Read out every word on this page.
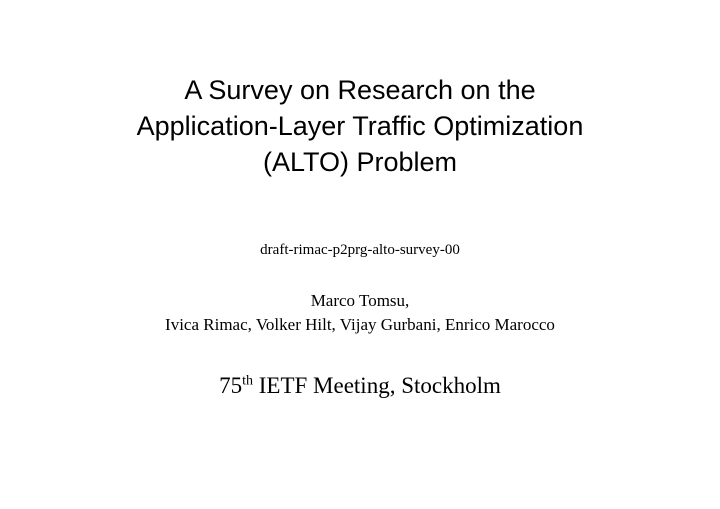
A Survey on Research on the
Application-Layer Traffic Optimization
(ALTO) Problem
draft-rimac-p2prg-alto-survey-00
Marco Tomsu,
Ivica Rimac, Volker Hilt, Vijay Gurbani, Enrico Marocco
75th IETF Meeting, Stockholm
